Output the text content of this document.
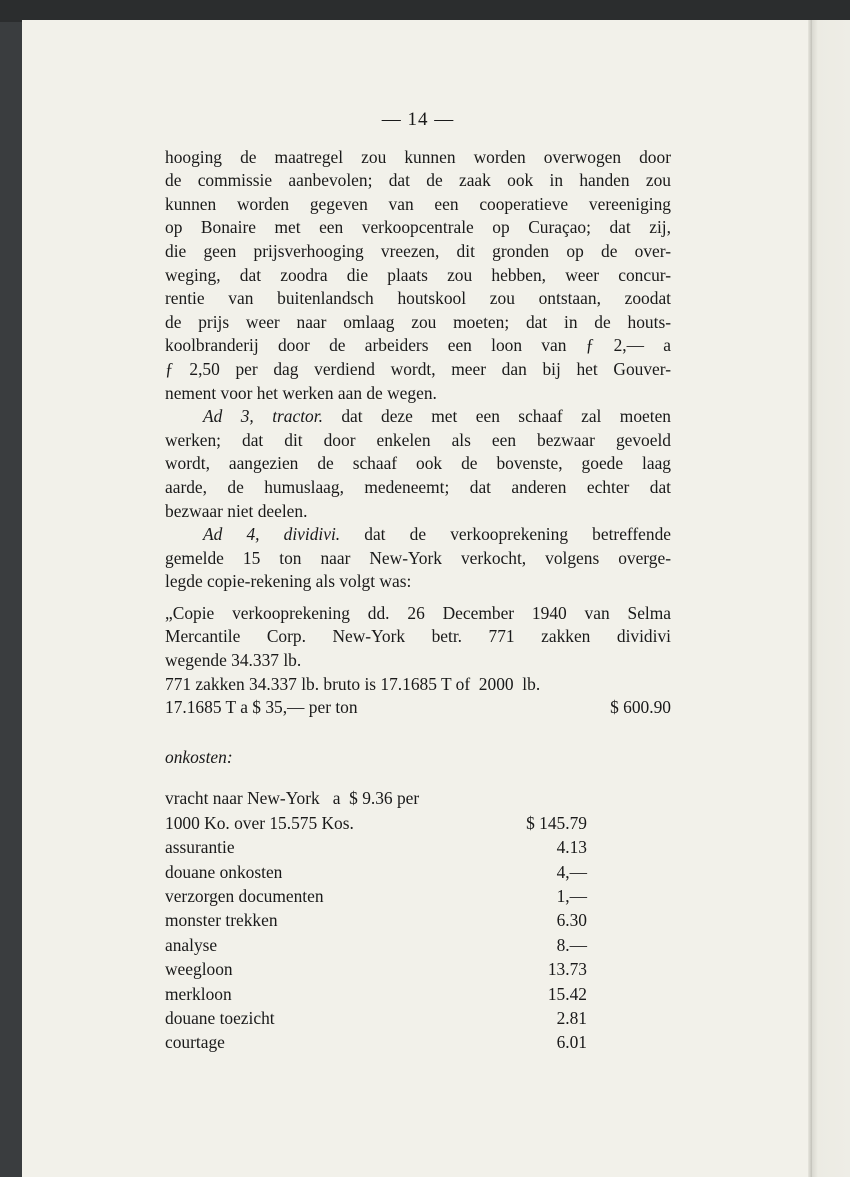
— 14 —
hooging de maatregel zou kunnen worden overwogen door
de commissie aanbevolen; dat de zaak ook in handen zou
kunnen worden gegeven van een cooperatieve vereeniging
op Bonaire met een verkoopcentrale op Curaçao; dat zij,
die geen prijsverhooging vreezen, dit gronden op de over-
weging, dat zoodra die plaats zou hebben, weer concur-
rentie van buitenlandsch houtskool zou ontstaan, zoodat
de prijs weer naar omlaag zou moeten; dat in de houts-
koolbranderij door de arbeiders een loon van ƒ 2,— a
ƒ 2,50 per dag verdiend wordt, meer dan bij het Gouver-
nement voor het werken aan de wegen.
Ad 3, tractor. dat deze met een schaaf zal moeten
werken; dat dit door enkelen als een bezwaar gevoeld
wordt, aangezien de schaaf ook de bovenste, goede laag
aarde, de humuslaag, medeneemt; dat anderen echter dat
bezwaar niet deelen.
Ad 4, dividivi. dat de verkooprekening betreffende
gemelde 15 ton naar New-York verkocht, volgens overge-
legde copie-rekening als volgt was:
„Copie verkooprekening dd. 26 December 1940 van Selma
Mercantile Corp. New-York betr. 771 zakken dividivi
wegende 34.337 lb.
771 zakken 34.337 lb. bruto is 17.1685 T of  2000  lb.
17.1685 T a $ 35,— per ton	$ 600.90
onkosten:
vracht naar New-York   a  $ 9.36 per
1000 Ko. over 15.575 Kos.	$ 145.79
assurantie	4.13
douane onkosten	4,—
verzorgen documenten	1,—
monster trekken	6.30
analyse	8.—
weegloon	13.73
merkloon	15.42
douane toezicht	2.81
courtage	6.01
